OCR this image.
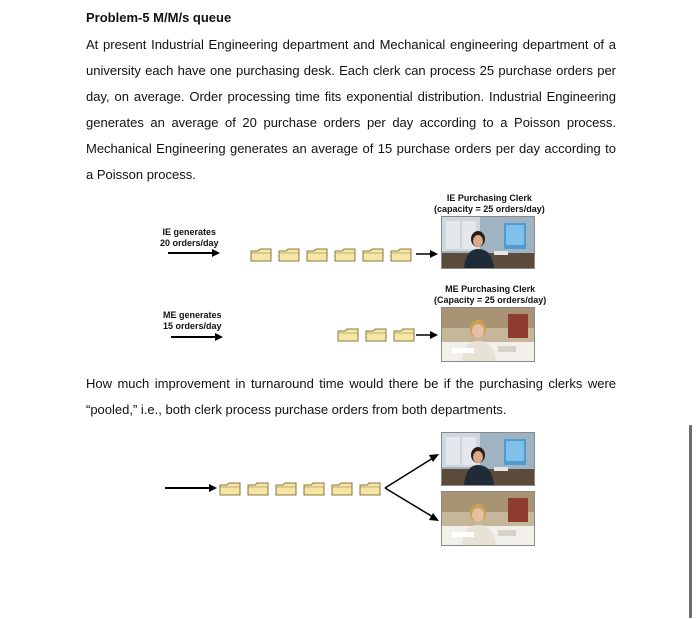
Problem-5 M/M/s queue
At present Industrial Engineering department and Mechanical engineering department of a university each have one purchasing desk. Each clerk can process 25 purchase orders per day, on average. Order processing time fits exponential distribution. Industrial Engineering generates an average of 20 purchase orders per day according to a Poisson process. Mechanical Engineering generates an average of 15 purchase orders per day according to a Poisson process.
IE Purchasing Clerk
(capacity = 25 orders/day)
IE generates
20 orders/day
ME Purchasing Clerk
(Capacity = 25 orders/day)
ME generates
15 orders/day
How much improvement in turnaround time would there be if the purchasing clerks were “pooled,” i.e., both clerk process purchase orders from both departments.
